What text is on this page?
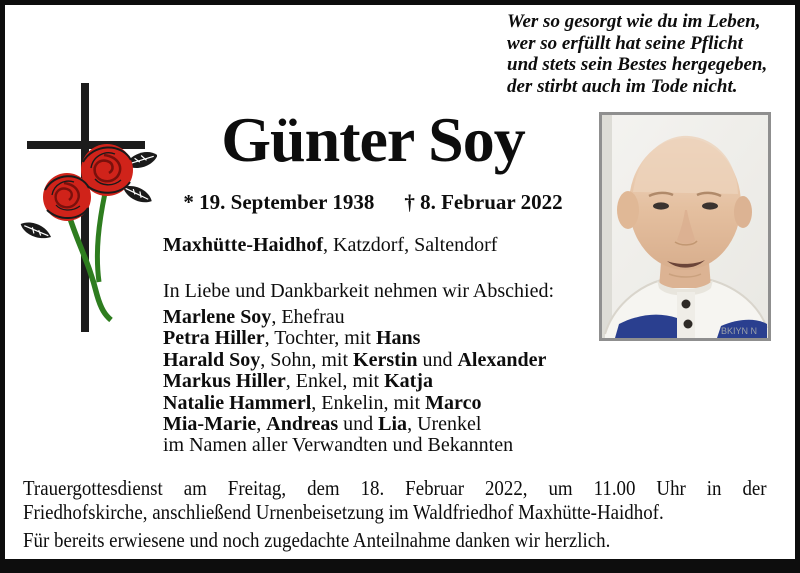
Wer so gesorgt wie du im Leben,
wer so erfüllt hat seine Pflicht
und stets sein Bestes hergegeben,
der stirbt auch im Tode nicht.
Günter Soy
* 19. September 1938 † 8. Februar 2022
Maxhütte-Haidhof, Katzdorf, Saltendorf
In Liebe und Dankbarkeit nehmen wir Abschied:
Marlene Soy, Ehefrau
Petra Hiller, Tochter, mit Hans
Harald Soy, Sohn, mit Kerstin und Alexander
Markus Hiller, Enkel, mit Katja
Natalie Hammerl, Enkelin, mit Marco
Mia-Marie, Andreas und Lia, Urenkel
im Namen aller Verwandten und Bekannten
BKIYN N
Trauergottesdienst am Freitag, dem 18. Februar 2022, um 11.00 Uhr in der
Friedhofskirche, anschließend Urnenbeisetzung im Waldfriedhof Maxhütte-Haidhof.
Für bereits erwiesene und noch zugedachte Anteilnahme danken wir herzlich.
